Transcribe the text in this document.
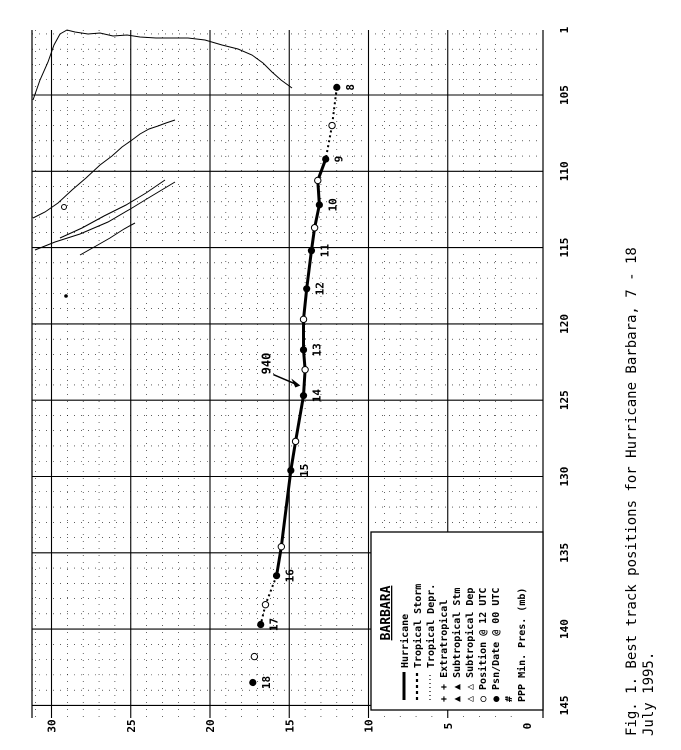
0
5
10
15
20
25
30
145
140
135
130
125
120
115
110
105
1
8
9
10
11
12
13
14
15
16
17
18
940
BARBARA
Hurricane Tropical Storm Tropical Depr. + + Extratropical ▲ ▲ Subtropical Stm △ △ Subtropical Dep ○ Position @ 12 UTC ● Psn/Date @ 00 UTC # PPP Min. Pres. (mb)	Fig. 1. Best track positions for Hurricane Barbara, 7 - 18 July 1995.
